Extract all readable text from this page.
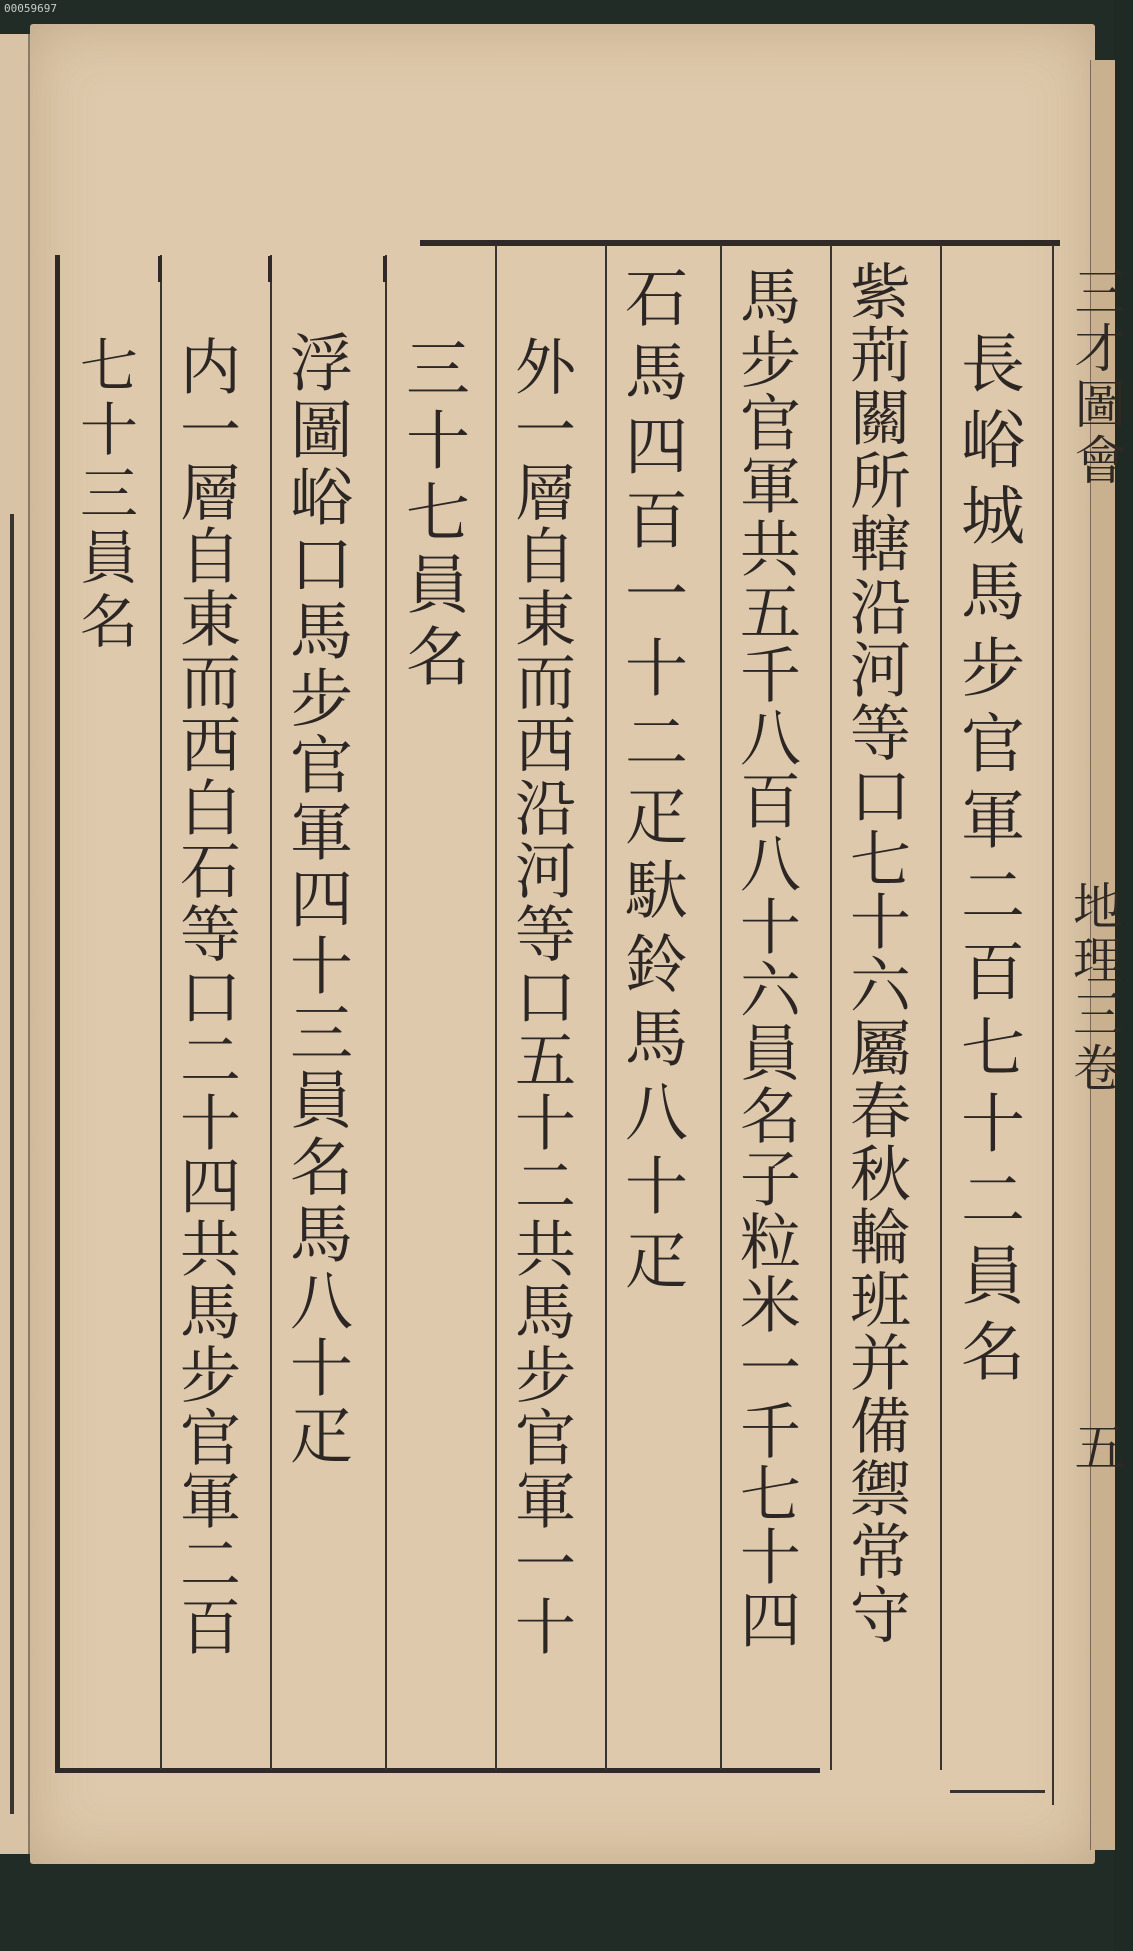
00059697
三才圖會
地理三卷
五
長峪城馬步官軍二百七十二員名
紫荊關所轄沿河等口七十六屬春秋輪班并備禦常守
馬步官軍共五千八百八十六員名子粒米一千七十四
石馬四百一十二疋馱鈴馬八十疋
外一層自東而西沿河等口五十二共馬步官軍一十
三十七員名
浮圖峪口馬步官軍四十三員名馬八十疋
内一層自東而西白石等口二十四共馬步官軍二百
七十三員名
